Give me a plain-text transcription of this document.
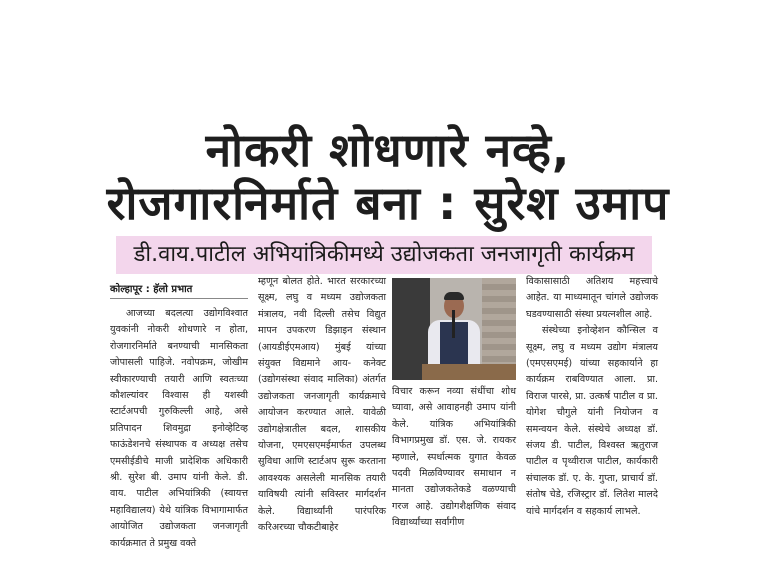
नोकरी शोधणारे नव्हे,
रोजगारनिर्माते बना : सुरेश उमाप
डी.वाय.पाटील अभियांत्रिकीमध्ये उद्योजकता जनजागृती कार्यक्रम
कोल्हापूर : हॅलो प्रभात

आजच्या बदलत्या उद्योगविश्वात युवकांनी नोकरी शोधणारे न होता, रोजगारनिर्माते बनण्याची मानसिकता जोपासली पाहिजे. नवोपक्रम, जोखीम स्वीकारण्याची तयारी आणि स्वतःच्या कौशल्यांवर विश्वास ही यशस्वी स्टार्टअपची गुरुकिल्ली आहे, असे प्रतिपादन शिवमुद्रा इनोव्हेटिव्ह फाऊंडेशनचे संस्थापक व अध्यक्ष तसेच एमसीईडीचे माजी प्रादेशिक अधिकारी श्री. सुरेश बी. उमाप यांनी केले. डी. वाय. पाटील अभियांत्रिकी (स्वायत्त महाविद्यालय) येथे यांत्रिक विभागामार्फत आयोजित उद्योजकता जनजागृती कार्यक्रमात ते प्रमुख वक्ते

म्हणून बोलत होते. भारत सरकारच्या सूक्ष्म, लघु व मध्यम उद्योजकता मंत्रालय, नवी दिल्ली तसेच विद्युत मापन उपकरण डिझाइन संस्थान (आयडीईएमआय) मुंबई यांच्या संयुक्त विद्यमाने आय- कनेक्ट (उद्योगसंस्था संवाद मालिका) अंतर्गत उद्योजकता जनजागृती कार्यक्रमाचे आयोजन करण्यात आले. यावेळी उद्योगक्षेत्रातील बदल, शासकीय योजना, एमएसएमईमार्फत उपलब्ध सुविधा आणि स्टार्टअप सुरू करताना आवश्यक असलेली मानसिक तयारी याविषयी त्यांनी सविस्तर मार्गदर्शन केले. विद्यार्थ्यांनी पारंपरिक करिअरच्या चौकटीबाहेर

विचार करून नव्या संधींचा शोध घ्यावा, असे आवाहनही उमाप यांनी केले. यांत्रिक अभियांत्रिकी विभागप्रमुख डॉ. एस. जे. रायकर म्हणाले, स्पर्धात्मक युगात केवळ पदवी मिळविण्यावर समाधान न मानता उद्योजकतेकडे वळण्याची गरज आहे. उद्योगशैक्षणिक संवाद विद्यार्थ्यांच्या सर्वांगीण

विकासासाठी अतिशय महत्त्वाचे आहेत. या माध्यमातून चांगले उद्योजक घडवण्यासाठी संस्था प्रयत्नशील आहे.

संस्थेच्या इनोव्हेशन कौन्सिल व सूक्ष्म, लघु व मध्यम उद्योग मंत्रालय (एमएसएमई) यांच्या सहकार्याने हा कार्यक्रम राबविण्यात आला. प्रा. विराज पारसे, प्रा. उत्कर्ष पाटील व प्रा. योगेश चौगुले यांनी नियोजन व समन्वयन केले. संस्थेचे अध्यक्ष डॉ. संजय डी. पाटील, विश्वस्त ऋतुराज पाटील व पृथ्वीराज पाटील, कार्यकारी संचालक डॉ. ए. के. गुप्ता, प्राचार्य डॉ. संतोष चेडे, रजिस्ट्रार डॉ. लितेश मालदे यांचे मार्गदर्शन व सहकार्य लाभले.
